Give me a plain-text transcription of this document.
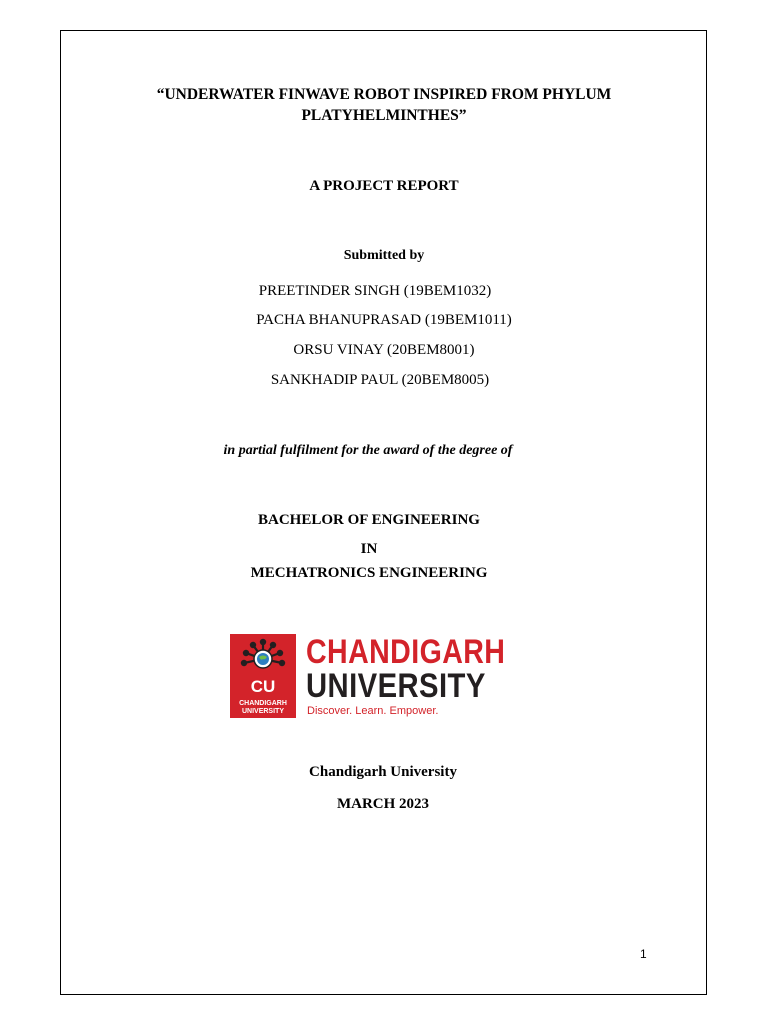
“UNDERWATER FINWAVE ROBOT INSPIRED FROM PHYLUM
PLATYHELMINTHES”
A PROJECT REPORT
Submitted by
PREETINDER SINGH (19BEM1032)
PACHA BHANUPRASAD (19BEM1011)
ORSU VINAY (20BEM8001)
SANKHADIP PAUL (20BEM8005)
in partial fulfilment for the award of the degree of
BACHELOR OF ENGINEERING
IN
MECHATRONICS ENGINEERING
CU
CHANDIGARH
UNIVERSITY
CHANDIGARH
UNIVERSITY
Discover. Learn. Empower.
Chandigarh University
MARCH 2023
1
